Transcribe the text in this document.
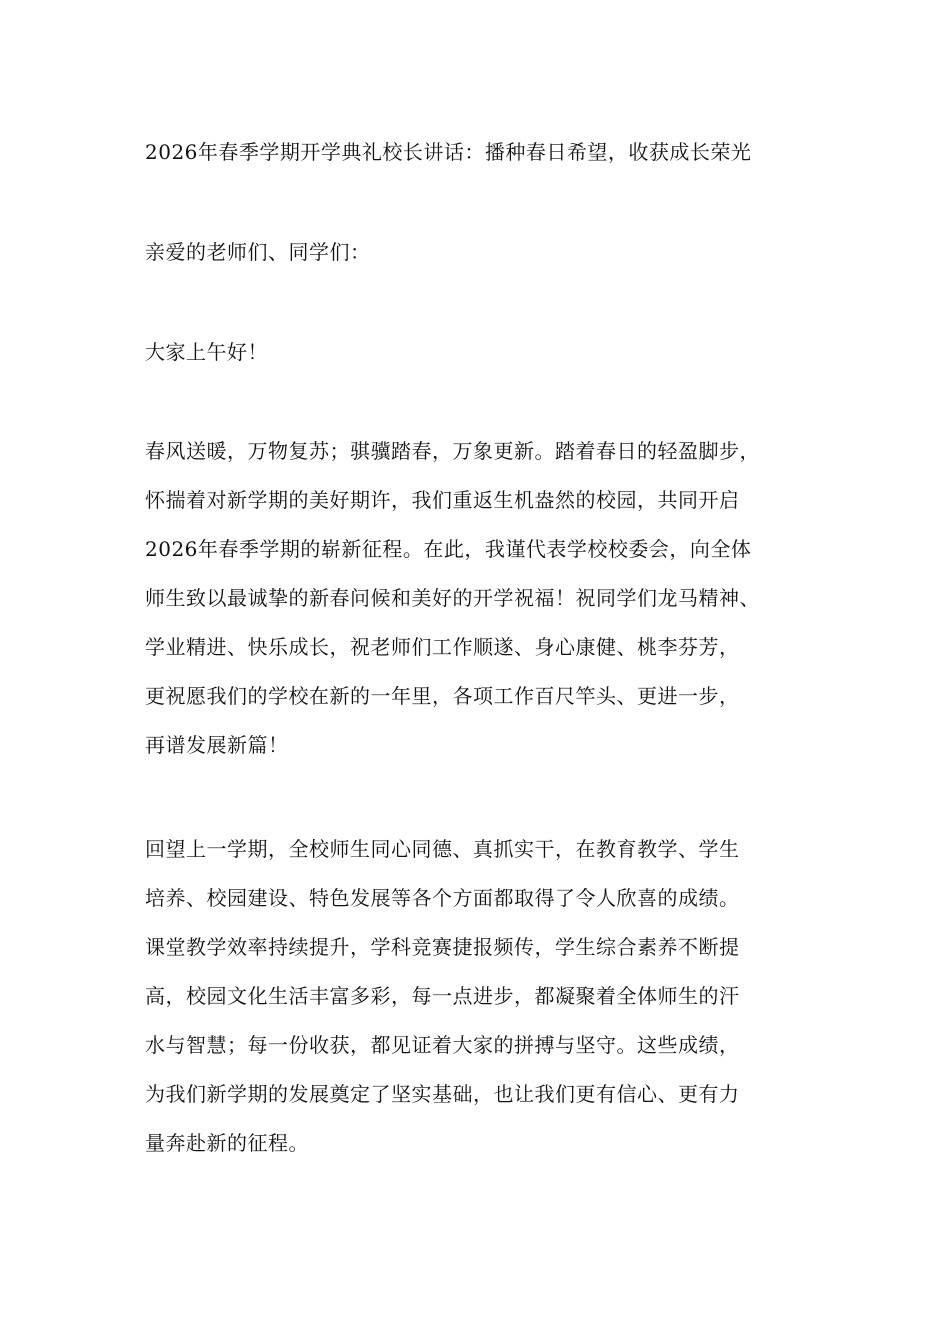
2026年春季学期开学典礼校长讲话：播种春日希望，收获成长荣光
亲爱的老师们、同学们：
大家上午好！
春风送暖，万物复苏；骐骥踏春，万象更新。踏着春日的轻盈脚步，
怀揣着对新学期的美好期许，我们重返生机盎然的校园，共同开启
2026年春季学期的崭新征程。在此，我谨代表学校校委会，向全体
师生致以最诚挚的新春问候和美好的开学祝福！祝同学们龙马精神、
学业精进、快乐成长，祝老师们工作顺遂、身心康健、桃李芬芳，
更祝愿我们的学校在新的一年里，各项工作百尺竿头、更进一步，
再谱发展新篇！
回望上一学期，全校师生同心同德、真抓实干，在教育教学、学生
培养、校园建设、特色发展等各个方面都取得了令人欣喜的成绩。
课堂教学效率持续提升，学科竞赛捷报频传，学生综合素养不断提
高，校园文化生活丰富多彩，每一点进步，都凝聚着全体师生的汗
水与智慧；每一份收获，都见证着大家的拼搏与坚守。这些成绩，
为我们新学期的发展奠定了坚实基础，也让我们更有信心、更有力
量奔赴新的征程。
